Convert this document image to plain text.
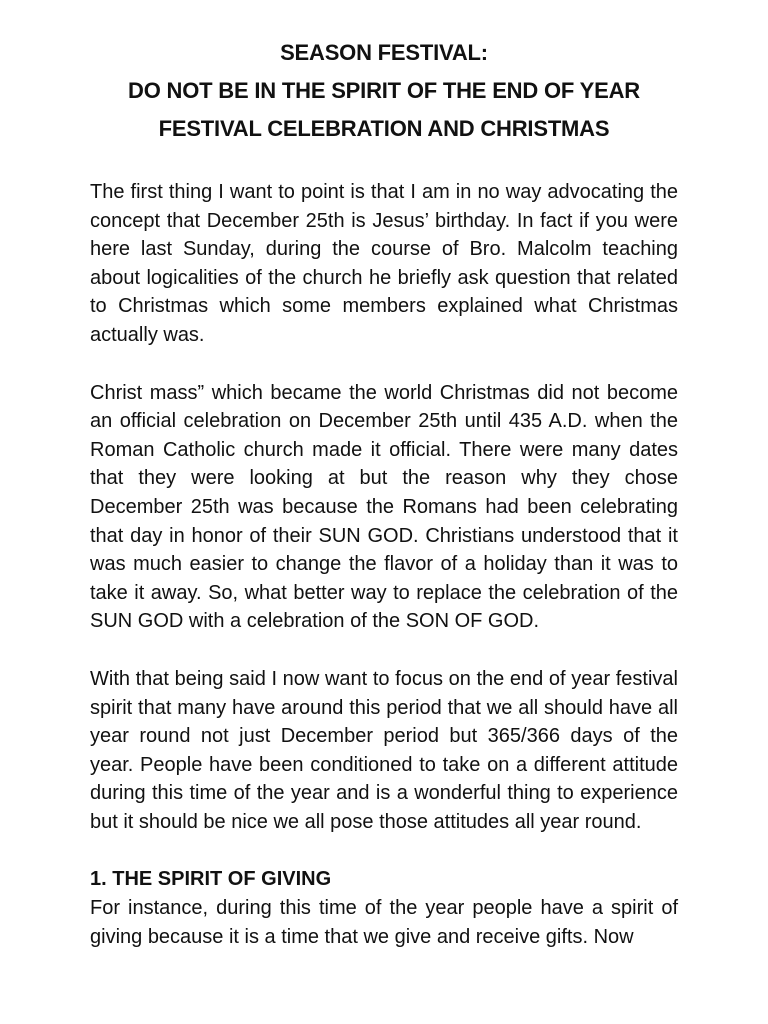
SEASON FESTIVAL:
DO NOT BE IN THE SPIRIT OF THE END OF YEAR
FESTIVAL CELEBRATION AND CHRISTMAS

The first thing I want to point is that I am in no way advocating the concept that December 25th is Jesus’ birthday. In fact if you were here last Sunday, during the course of Bro. Malcolm teaching about logicalities of the church he briefly ask question that related to Christmas which some members explained what Christmas actually was.

Christ mass” which became the world Christmas did not become an official celebration on December 25th until 435 A.D. when the Roman Catholic church made it official. There were many dates that they were looking at but the reason why they chose December 25th was because the Romans had been celebrating that day in honor of their SUN GOD. Christians understood that it was much easier to change the flavor of a holiday than it was to take it away. So, what better way to replace the celebration of the SUN GOD with a celebration of the SON OF GOD.

With that being said I now want to focus on the end of year festival spirit that many have around this period that we all should have all year round not just December period but 365/366 days of the year. People have been conditioned to take on a different attitude during this time of the year and is a wonderful thing to experience but it should be nice we all pose those attitudes all year round.

1. THE SPIRIT OF GIVING

For instance, during this time of the year people have a spirit of giving because it is a time that we give and receive gifts. Now
